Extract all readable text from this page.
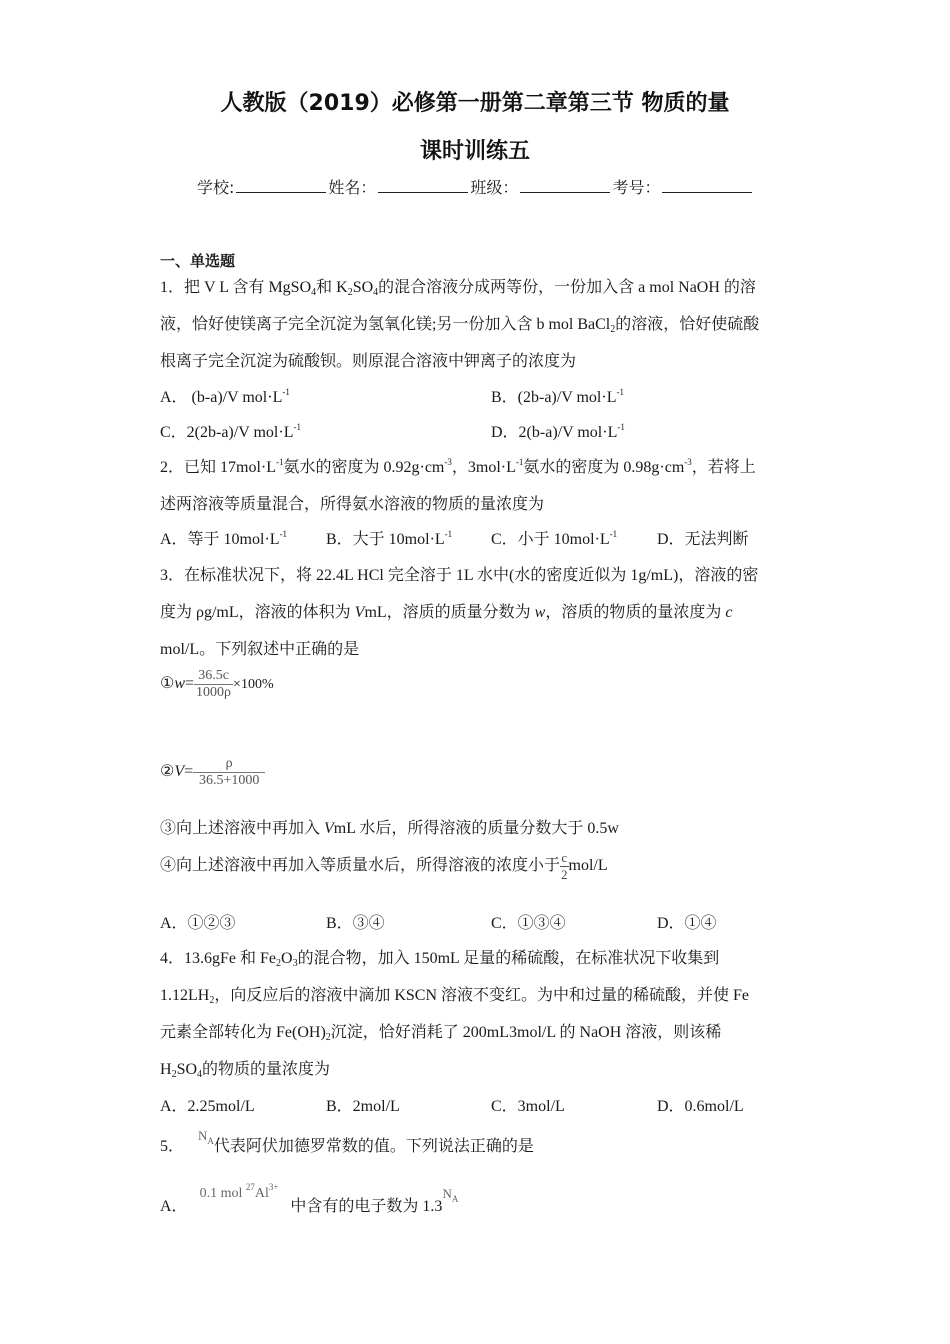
人教版（2019）必修第一册第二章第三节 物质的量
课时训练五
学校:	姓名：	班级：	考号：
一、单选题
1．把 V L 含有 MgSO$_4$和 $K_2SO_4$的混合溶液分成两等份，一份加入含 a mol NaOH 的溶
液，恰好使镁离子完全沉淀为氢氧化镁;另一份加入含 b mol BaCl$_2$的溶液，恰好使硫酸
根离子完全沉淀为硫酸钡。则原混合溶液中钾离子的浓度为
A． (b-a)/V $mol\cdot L^{-1}$	B．(2b-a)/V $mol\cdot L^{-1}$
C．2(2b-a)/V $mol\cdot L^{-1}$	D．2(b-a)/V $mol\cdot L^{-1}$
2．已知 $17mol\cdot L^{-1}$氨水的密度为 $0.92g\cdot cm^{-3}$，$3mol\cdot L^{-1}$氨水的密度为 $0.98g\cdot cm^{-3}$，若将上
述两溶液等质量混合，所得氨水溶液的物质的量浓度为
A．等于 $10mol\cdot L^{-1}$ B．大于 $10mol\cdot L^{-1}$ C．小于 $10mol\cdot L^{-1}$ D．无法判断
3．在标准状况下，将 22.4L HCl 完全溶于 1L 水中(水的密度近似为 1g/mL)，溶液的密
度为 ρg/mL，溶液的体积为 VmL，溶质的质量分数为 w，溶质的物质的量浓度为 c
mol/L。下列叙述中正确的是
①w= $\frac{36.5c}{1000\rho} \times 100\%$
②V= $\frac{\rho}{36.5+1000}$
③向上述溶液中再加入 VmL 水后，所得溶液的质量分数大于 0.5w
④向上述溶液中再加入等质量水后，所得溶液的浓度小于 $\frac{c}{2} mol/L$
A．①②③	B．③④	C．①③④	D．①④
4．13.6gFe 和 $Fe_2O_3$的混合物，加入 150mL 足量的稀硫酸，在标准状况下收集到
$1.12LH_2$，向反应后的溶液中滴加 KSCN 溶液不变红。为中和过量的稀硫酸，并使 Fe
元素全部转化为 $Fe(OH)_2$沉淀，恰好消耗了 200mL3mol/L 的 NaOH 溶液，则该稀
$H_2SO_4$的物质的量浓度为
A．2.25mol/L	B．2mol/L	C．3mol/L	D．0.6mol/L
5．$N_A$代表阿伏加德罗常数的值。下列说法正确的是
A．0.1 mol $^{27}Al^{3+}$中含有的电子数为 $1.3N_A$
